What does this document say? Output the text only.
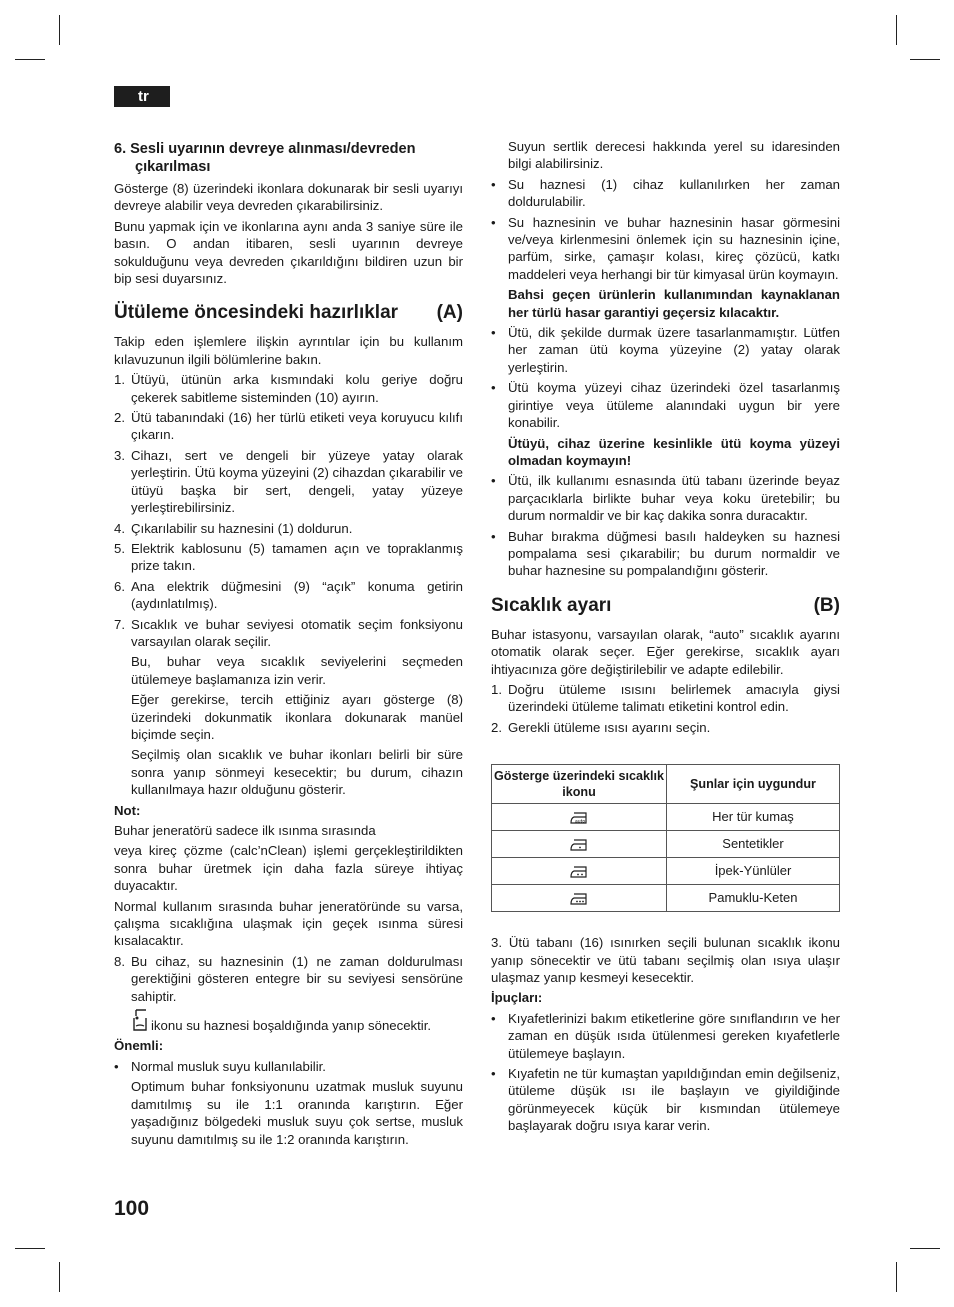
tr
6. Sesli uyarının devreye alınması/devreden
çıkarılması

Gösterge (8) üzerindeki ikonlara dokunarak bir sesli uyarıyı devreye alabilir veya devreden çıkarabilirsiniz.

Bunu yapmak için ve ikonlarına aynı anda 3 saniye süre ile basın. O andan itibaren, sesli uyarının devreye sokulduğunu veya devreden çıkarıldığını bildiren uzun bir bip sesi duyarsınız.

Ütüleme öncesindeki hazırlıklar (A)

Takip eden işlemlere ilişkin ayrıntılar için bu kullanım kılavuzunun ilgili bölümlerine bakın.

1. Ütüyü, ütünün arka kısmındaki kolu geriye doğru çekerek sabitleme sisteminden (10) ayırın.
2. Ütü tabanındaki (16) her türlü etiketi veya koruyucu kılıfı çıkarın.
3. Cihazı, sert ve dengeli bir yüzeye yatay olarak yerleştirin. Ütü koyma yüzeyini (2) cihazdan çıkarabilir ve ütüyü başka bir sert, dengeli, yatay yüzeye yerleştirebilirsiniz.
4. Çıkarılabilir su haznesini (1) doldurun.
5. Elektrik kablosunu (5) tamamen açın ve topraklanmış prize takın.
6. Ana elektrik düğmesini (9) “açık” konuma getirin (aydınlatılmış).
7. Sıcaklık ve buhar seviyesi otomatik seçim fonksiyonu varsayılan olarak seçilir.
Bu, buhar veya sıcaklık seviyelerini seçmeden ütülemeye başlamanıza izin verir.
Eğer gerekirse, tercih ettiğiniz ayarı gösterge (8) üzerindeki dokunmatik ikonlara dokunarak manüel biçimde seçin.
Seçilmiş olan sıcaklık ve buhar ikonları belirli bir süre sonra yanıp sönmeyi kesecektir; bu durum, cihazın kullanılmaya hazır olduğunu gösterir.

Not:

Buhar jeneratörü sadece ilk ısınma sırasında

veya kireç çözme (calc’nClean) işlemi gerçekleştirildikten sonra buhar üretmek için daha fazla süreye ihtiyaç duyacaktır.

Normal kullanım sırasında buhar jeneratöründe su varsa, çalışma sıcaklığına ulaşmak için geçek ısınma süresi kısalacaktır.

8. Bu cihaz, su haznesinin (1) ne zaman doldurulması gerektiğini gösteren entegre bir su seviyesi sensörüne sahiptir.
ikonu su haznesi boşaldığında yanıp sönecektir.

Önemli:

• Normal musluk suyu kullanılabilir.
Optimum buhar fonksiyonunu uzatmak musluk suyunu damıtılmış su ile 1:1 oranında karıştırın. Eğer yaşadığınız bölgedeki musluk suyu çok sertse, musluk suyunu damıtılmış su ile 1:2 oranında karıştırın.
Suyun sertlik derecesi hakkında yerel su idaresinden bilgi alabilirsiniz.
• Su haznesi (1) cihaz kullanılırken her zaman doldurulabilir.
• Su haznesinin ve buhar haznesinin hasar görmesini ve/veya kirlenmesini önlemek için su haznesinin içine, parfüm, sirke, çamaşır kolası, kireç çözücü, katkı maddeleri veya herhangi bir tür kimyasal ürün koymayın.
Bahsi geçen ürünlerin kullanımından kaynaklanan her türlü hasar garantiyi geçersiz kılacaktır.
• Ütü, dik şekilde durmak üzere tasarlanmamıştır. Lütfen her zaman ütü koyma yüzeyine (2) yatay olarak yerleştirin.
• Ütü koyma yüzeyi cihaz üzerindeki özel tasarlanmış girintiye veya ütüleme alanındaki uygun bir yere konabilir.
Ütüyü, cihaz üzerine kesinlikle ütü koyma yüzeyi olmadan koymayın!
• Ütü, ilk kullanımı esnasında ütü tabanı üzerinde beyaz parçacıklarla birlikte buhar veya koku üretebilir; bu durum normaldir ve bir kaç dakika sonra duracaktır.
• Buhar bırakma düğmesi basılı haldeyken su haznesi pompalama sesi çıkarabilir; bu durum normaldir ve buhar haznesine su pompalandığını gösterir.
Sıcaklık ayarı	(B)

Buhar istasyonu, varsayılan olarak, “auto” sıcaklık ayarını otomatik olarak seçer. Eğer gerekirse, sıcaklık ayarı ihtiyacınıza göre değiştirilebilir ve adapte edilebilir.

1. Doğru ütüleme ısısını belirlemek amacıyla giysi üzerindeki ütüleme talimatı etiketini kontrol edin.
2. Gerekli ütüleme ısısı ayarını seçin.
Gösterge üzerindeki sıcaklık ikonu	Şunlar için uygundur

auto	Her tür kumaş
	Sentetikler
	İpek-Yünlüler
	Pamuklu-Keten

3. Ütü tabanı (16) ısınırken seçili bulunan sıcaklık ikonu yanıp sönecektir ve ütü tabanı seçilmiş olan ısıya ulaşır ulaşmaz yanıp kesmeyi kesecektir.

İpuçları:

• Kıyafetlerinizi bakım etiketlerine göre sınıflandırın ve her zaman en düşük ısıda ütülenmesi gereken kıyafetlerle ütülemeye başlayın.
• Kıyafetin ne tür kumaştan yapıldığından emin değilseniz, ütüleme düşük ısı ile başlayın ve giyildiğinde görünmeyecek küçük bir kısmından ütülemeye başlayarak doğru ısıya karar verin.
100
